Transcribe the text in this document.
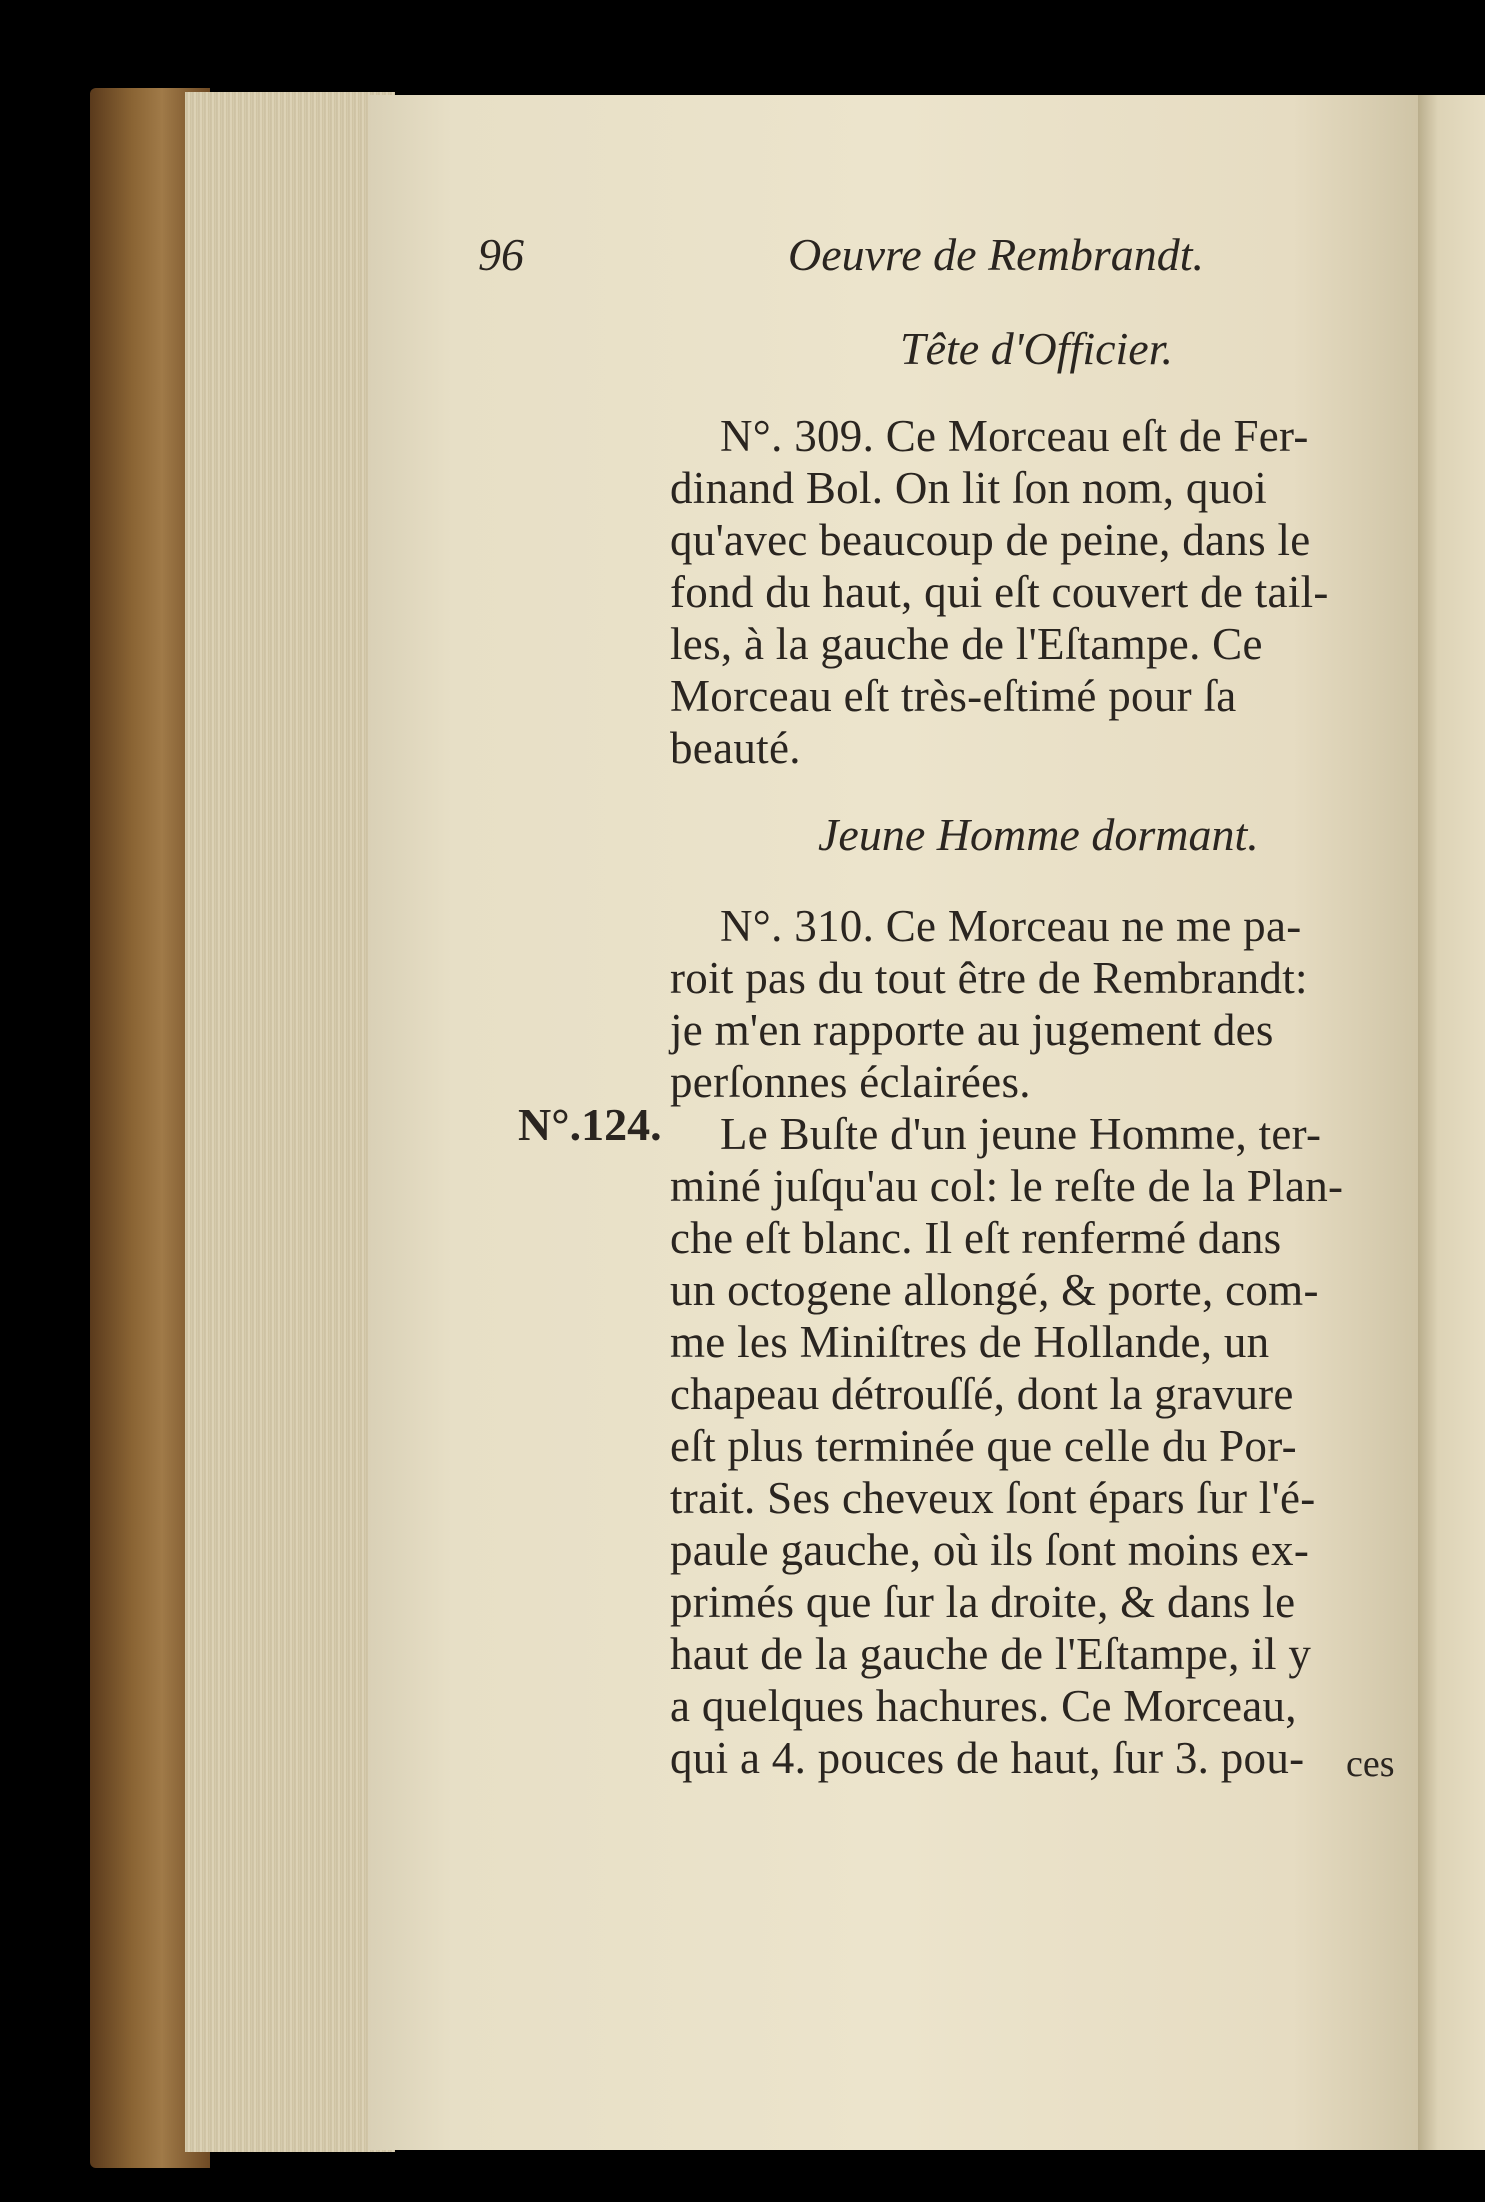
96	Oeuvre de Rembrandt.
Tête d'Officier.
N°. 309. Ce Morceau eſt de Fer-
dinand Bol. On lit ſon nom, quoi
qu'avec beaucoup de peine, dans le
fond du haut, qui eſt couvert de tail-
les, à la gauche de l'Eſtampe. Ce
Morceau eſt très-eſtimé pour ſa
beauté.
Jeune Homme dormant.
N°. 310. Ce Morceau ne me pa-
roit pas du tout être de Rembrandt:
je m'en rapporte au jugement des
perſonnes éclairées.
Le Buſte d'un jeune Homme, ter-
miné juſqu'au col: le reſte de la Plan-
che eſt blanc. Il eſt renfermé dans
un octogene allongé, & porte, com-
me les Miniſtres de Hollande, un
chapeau détrouſſé, dont la gravure
eſt plus terminée que celle du Por-
trait. Ses cheveux ſont épars ſur l'é-
paule gauche, où ils ſont moins ex-
primés que ſur la droite, & dans le
haut de la gauche de l'Eſtampe, il y
a quelques hachures. Ce Morceau,
qui a 4. pouces de haut, ſur 3. pou-
N°.124.
ces
